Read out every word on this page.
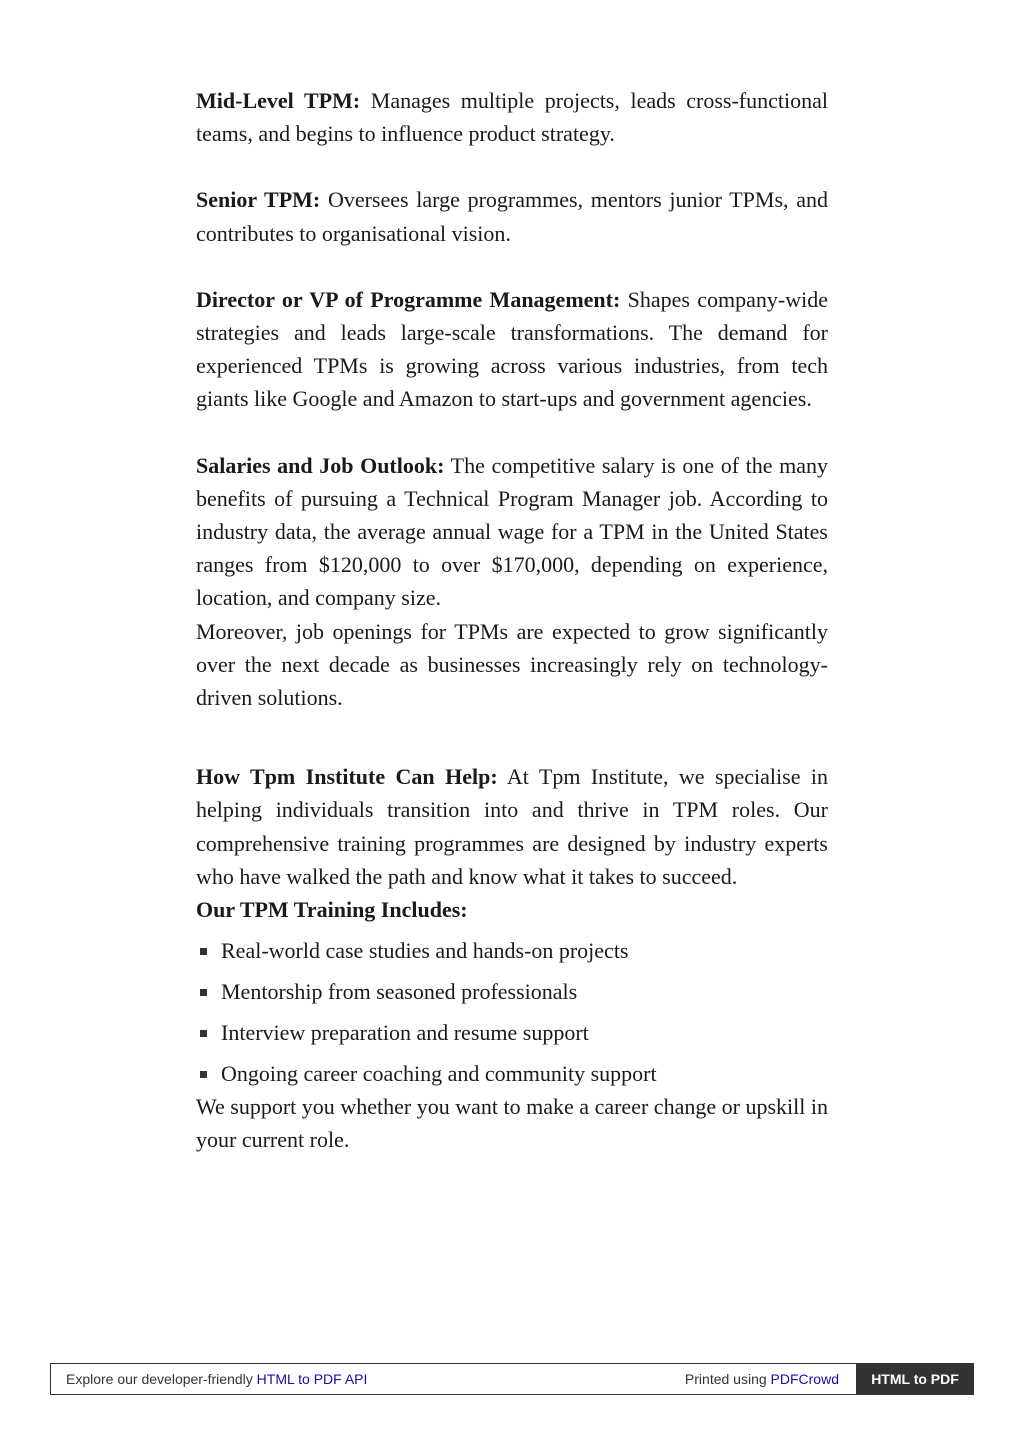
Mid-Level TPM: Manages multiple projects, leads cross-functional teams, and begins to influence product strategy.

Senior TPM: Oversees large programmes, mentors junior TPMs, and contributes to organisational vision.

Director or VP of Programme Management: Shapes company-wide strategies and leads large-scale transformations. The demand for experienced TPMs is growing across various industries, from tech giants like Google and Amazon to start-ups and government agencies.

Salaries and Job Outlook: The competitive salary is one of the many benefits of pursuing a Technical Program Manager job. According to industry data, the average annual wage for a TPM in the United States ranges from $120,000 to over $170,000, depending on experience, location, and company size.

Moreover, job openings for TPMs are expected to grow significantly over the next decade as businesses increasingly rely on technology-driven solutions.

How Tpm Institute Can Help: At Tpm Institute, we specialise in helping individuals transition into and thrive in TPM roles. Our comprehensive training programmes are designed by industry experts who have walked the path and know what it takes to succeed.

Our TPM Training Includes:

Real-world case studies and hands-on projects
Mentorship from seasoned professionals
Interview preparation and resume support
Ongoing career coaching and community support

We support you whether you want to make a career change or upskill in your current role.

Explore our developer-friendly HTML to PDF API	Printed using PDFCrowd	HTML to PDF
